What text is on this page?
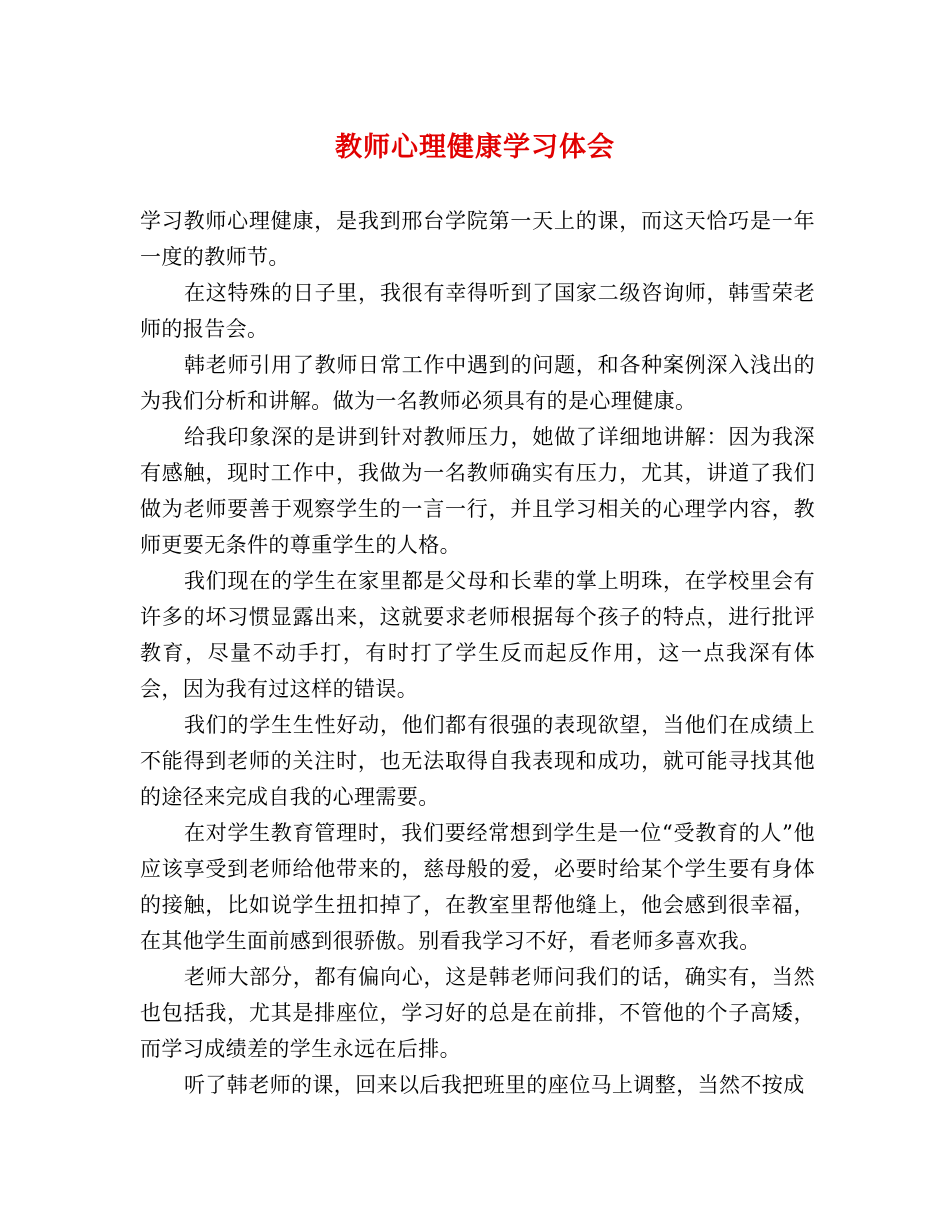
教师心理健康学习体会

学习教师心理健康，是我到邢台学院第一天上的课，而这天恰巧是一年一度的教师节。

在这特殊的日子里，我很有幸得听到了国家二级咨询师，韩雪荣老师的报告会。

韩老师引用了教师日常工作中遇到的问题，和各种案例深入浅出的为我们分析和讲解。做为一名教师必须具有的是心理健康。

给我印象深的是讲到针对教师压力，她做了详细地讲解：因为我深有感触，现时工作中，我做为一名教师确实有压力，尤其，讲道了我们做为老师要善于观察学生的一言一行，并且学习相关的心理学内容，教师更要无条件的尊重学生的人格。

我们现在的学生在家里都是父母和长辈的掌上明珠，在学校里会有许多的坏习惯显露出来，这就要求老师根据每个孩子的特点，进行批评教育，尽量不动手打，有时打了学生反而起反作用，这一点我深有体会，因为我有过这样的错误。

我们的学生生性好动，他们都有很强的表现欲望，当他们在成绩上不能得到老师的关注时，也无法取得自我表现和成功，就可能寻找其他的途径来完成自我的心理需要。

在对学生教育管理时，我们要经常想到学生是一位“受教育的人”他应该享受到老师给他带来的，慈母般的爱，必要时给某个学生要有身体的接触，比如说学生扭扣掉了，在教室里帮他缝上，他会感到很幸福，在其他学生面前感到很骄傲。别看我学习不好，看老师多喜欢我。

老师大部分，都有偏向心，这是韩老师问我们的话，确实有，当然也包括我，尤其是排座位，学习好的总是在前排，不管他的个子高矮，而学习成绩差的学生永远在后排。

听了韩老师的课，回来以后我把班里的座位马上调整，当然不按成
